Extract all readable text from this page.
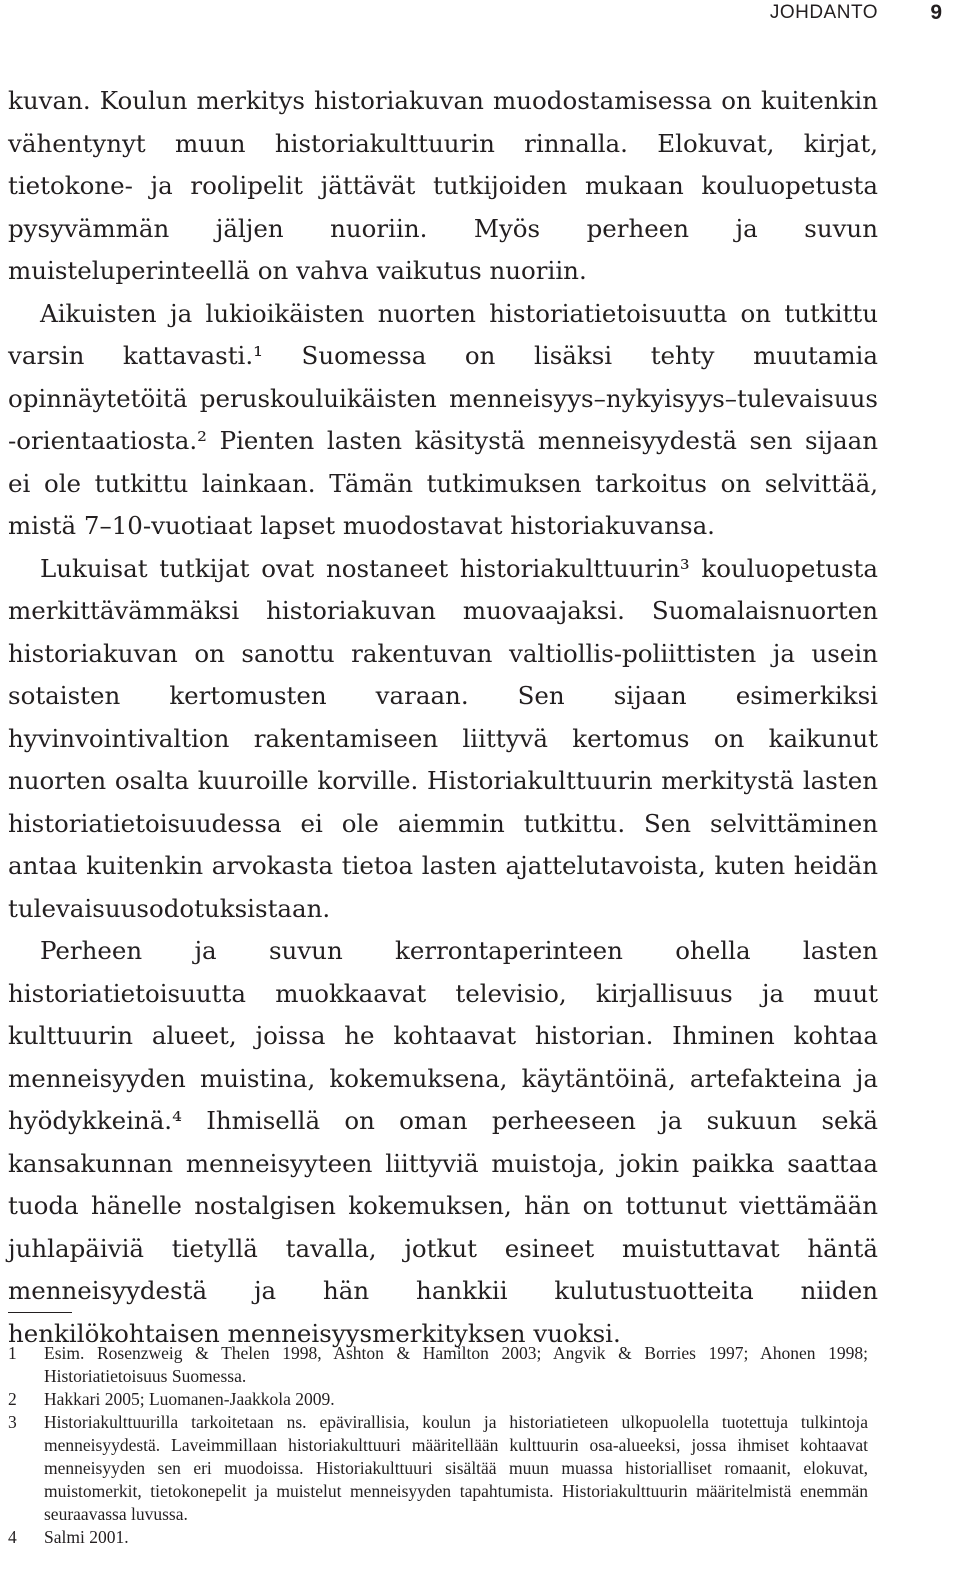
JOHDANTO 9

kuvan. Koulun merkitys historiakuvan muodostamisessa on kuitenkin vähentynyt muun historiakulttuurin rinnalla. Elokuvat, kirjat, tietokone- ja roolipelit jättävät tutkijoiden mukaan kouluopetusta pysyvämmän jäljen nuoriin. Myös perheen ja suvun muisteluperinteellä on vahva vaikutus nuoriin.

Aikuisten ja lukioikäisten nuorten historiatietoisuutta on tutkittu varsin kattavasti.¹ Suomessa on lisäksi tehty muutamia opinnäytetöitä peruskouluikäisten menneisyys–nykyisyys–tulevaisuus -orientaatiosta.² Pienten lasten käsitystä menneisyydestä sen sijaan ei ole tutkittu lainkaan. Tämän tutkimuksen tarkoitus on selvittää, mistä 7–10-vuotiaat lapset muodostavat historiakuvansa.

Lukuisat tutkijat ovat nostaneet historiakulttuurin³ kouluopetusta merkittävämmäksi historiakuvan muovaajaksi. Suomalaisnuorten historiakuvan on sanottu rakentuvan valtiollis-poliittisten ja usein sotaisten kertomusten varaan. Sen sijaan esimerkiksi hyvinvointivaltion rakentamiseen liittyvä kertomus on kaikunut nuorten osalta kuuroille korville. Historiakulttuurin merkitystä lasten historiatietoisuudessa ei ole aiemmin tutkittu. Sen selvittäminen antaa kuitenkin arvokasta tietoa lasten ajattelutavoista, kuten heidän tulevaisuusodotuksistaan.

Perheen ja suvun kerrontaperinteen ohella lasten historiatietoisuutta muokkaavat televisio, kirjallisuus ja muut kulttuurin alueet, joissa he kohtaavat historian. Ihminen kohtaa menneisyyden muistina, kokemuksena, käytäntöinä, artefakteina ja hyödykkeinä.⁴ Ihmisellä on oman perheeseen ja sukuun sekä kansakunnan menneisyyteen liittyviä muistoja, jokin paikka saattaa tuoda hänelle nostalgisen kokemuksen, hän on tottunut viettämään juhlapäiviä tietyllä tavalla, jotkut esineet muistuttavat häntä menneisyydestä ja hän hankkii kulutustuotteita niiden henkilökohtaisen menneisyysmerkityksen vuoksi.

1 Esim. Rosenzweig & Thelen 1998, Ashton & Hamilton 2003; Angvik & Borries 1997; Ahonen 1998; Historiatietoisuus Suomessa.
2 Hakkari 2005; Luomanen-Jaakkola 2009.
3 Historiakulttuurilla tarkoitetaan ns. epävirallisia, koulun ja historiatieteen ulkopuolella tuotettuja tulkintoja menneisyydestä. Laveimmillaan historiakulttuuri määritellään kulttuurin osa-alueeksi, jossa ihmiset kohtaavat menneisyyden sen eri muodoissa. Historiakulttuuri sisältää muun muassa historialliset romaanit, elokuvat, muistomerkit, tietokonepelit ja muistelut menneisyyden tapahtumista. Historiakulttuurin määritelmistä enemmän seuraavassa luvussa.
4 Salmi 2001.
